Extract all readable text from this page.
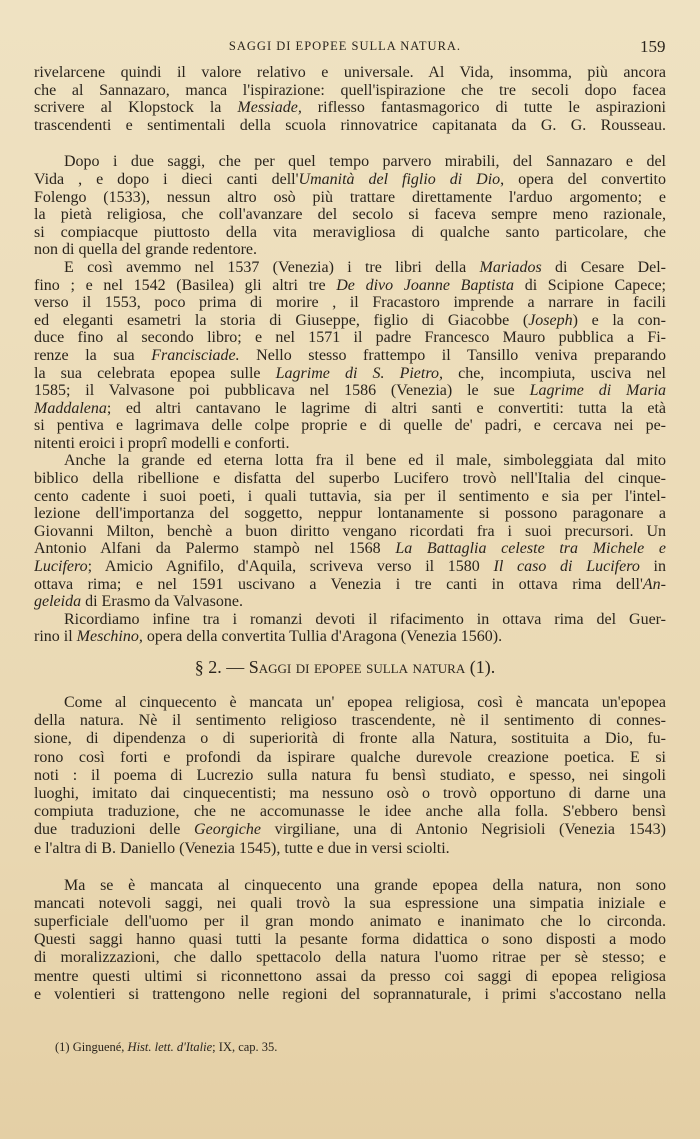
SAGGI DI EPOPEE SULLA NATURA.	159
rivelarcene quindi il valore relativo e universale. Al Vida, insomma, più ancora
che al Sannazaro, manca l'ispirazione: quell'ispirazione che tre secoli dopo facea
scrivere al Klopstock la Messiade, riflesso fantasmagorico di tutte le aspirazioni
trascendenti e sentimentali della scuola rinnovatrice capitanata da G. G. Rousseau.
Dopo i due saggi, che per quel tempo parvero mirabili, del Sannazaro e del
Vida , e dopo i dieci canti dell'Umanità del figlio di Dio, opera del convertito
Folengo (1533), nessun altro osò più trattare direttamente l'arduo argomento; e
la pietà religiosa, che coll'avanzare del secolo si faceva sempre meno razionale,
si compiacque piuttosto della vita meravigliosa di qualche santo particolare, che
non di quella del grande redentore.
E così avemmo nel 1537 (Venezia) i tre libri della Mariados di Cesare Del-
fino ; e nel 1542 (Basilea) gli altri tre De divo Joanne Baptista di Scipione Capece;
verso il 1553, poco prima di morire , il Fracastoro imprende a narrare in facili
ed eleganti esametri la storia di Giuseppe, figlio di Giacobbe (Joseph) e la con-
duce fino al secondo libro; e nel 1571 il padre Francesco Mauro pubblica a Fi-
renze la sua Francisciade. Nello stesso frattempo il Tansillo veniva preparando
la sua celebrata epopea sulle Lagrime di S. Pietro, che, incompiuta, usciva nel
1585; il Valvasone poi pubblicava nel 1586 (Venezia) le sue Lagrime di Maria
Maddalena; ed altri cantavano le lagrime di altri santi e convertiti: tutta la età
si pentiva e lagrimava delle colpe proprie e di quelle de' padri, e cercava nei pe-
nitenti eroici i proprî modelli e conforti.
Anche la grande ed eterna lotta fra il bene ed il male, simboleggiata dal mito
biblico della ribellione e disfatta del superbo Lucifero trovò nell'Italia del cinque-
cento cadente i suoi poeti, i quali tuttavia, sia per il sentimento e sia per l'intel-
lezione dell'importanza del soggetto, neppur lontanamente si possono paragonare a
Giovanni Milton, benchè a buon diritto vengano ricordati fra i suoi precursori. Un
Antonio Alfani da Palermo stampò nel 1568 La Battaglia celeste tra Michele e
Lucifero; Amicio Agnifilo, d'Aquila, scriveva verso il 1580 Il caso di Lucifero in
ottava rima; e nel 1591 uscivano a Venezia i tre canti in ottava rima dell'An-
geleida di Erasmo da Valvasone.
Ricordiamo infine tra i romanzi devoti il rifacimento in ottava rima del Guer-
rino il Meschino, opera della convertita Tullia d'Aragona (Venezia 1560).
§ 2. — Saggi di epopee sulla natura (1).
Come al cinquecento è mancata un' epopea religiosa, così è mancata un'epopea
della natura. Nè il sentimento religioso trascendente, nè il sentimento di connes-
sione, di dipendenza o di superiorità di fronte alla Natura, sostituita a Dio, fu-
rono così forti e profondi da ispirare qualche durevole creazione poetica. E si
noti : il poema di Lucrezio sulla natura fu bensì studiato, e spesso, nei singoli
luoghi, imitato dai cinquecentisti; ma nessuno osò o trovò opportuno di darne una
compiuta traduzione, che ne accomunasse le idee anche alla folla. S'ebbero bensì
due traduzioni delle Georgiche virgiliane, una di Antonio Negrisioli (Venezia 1543)
e l'altra di B. Daniello (Venezia 1545), tutte e due in versi sciolti.
Ma se è mancata al cinquecento una grande epopea della natura, non sono
mancati notevoli saggi, nei quali trovò la sua espressione una simpatia iniziale e
superficiale dell'uomo per il gran mondo animato e inanimato che lo circonda.
Questi saggi hanno quasi tutti la pesante forma didattica o sono disposti a modo
di moralizzazioni, che dallo spettacolo della natura l'uomo ritrae per sè stesso; e
mentre questi ultimi si riconnettono assai da presso coi saggi di epopea religiosa
e volentieri si trattengono nelle regioni del soprannaturale, i primi s'accostano nella
(1) Ginguené, Hist. lett. d'Italie; IX, cap. 35.
